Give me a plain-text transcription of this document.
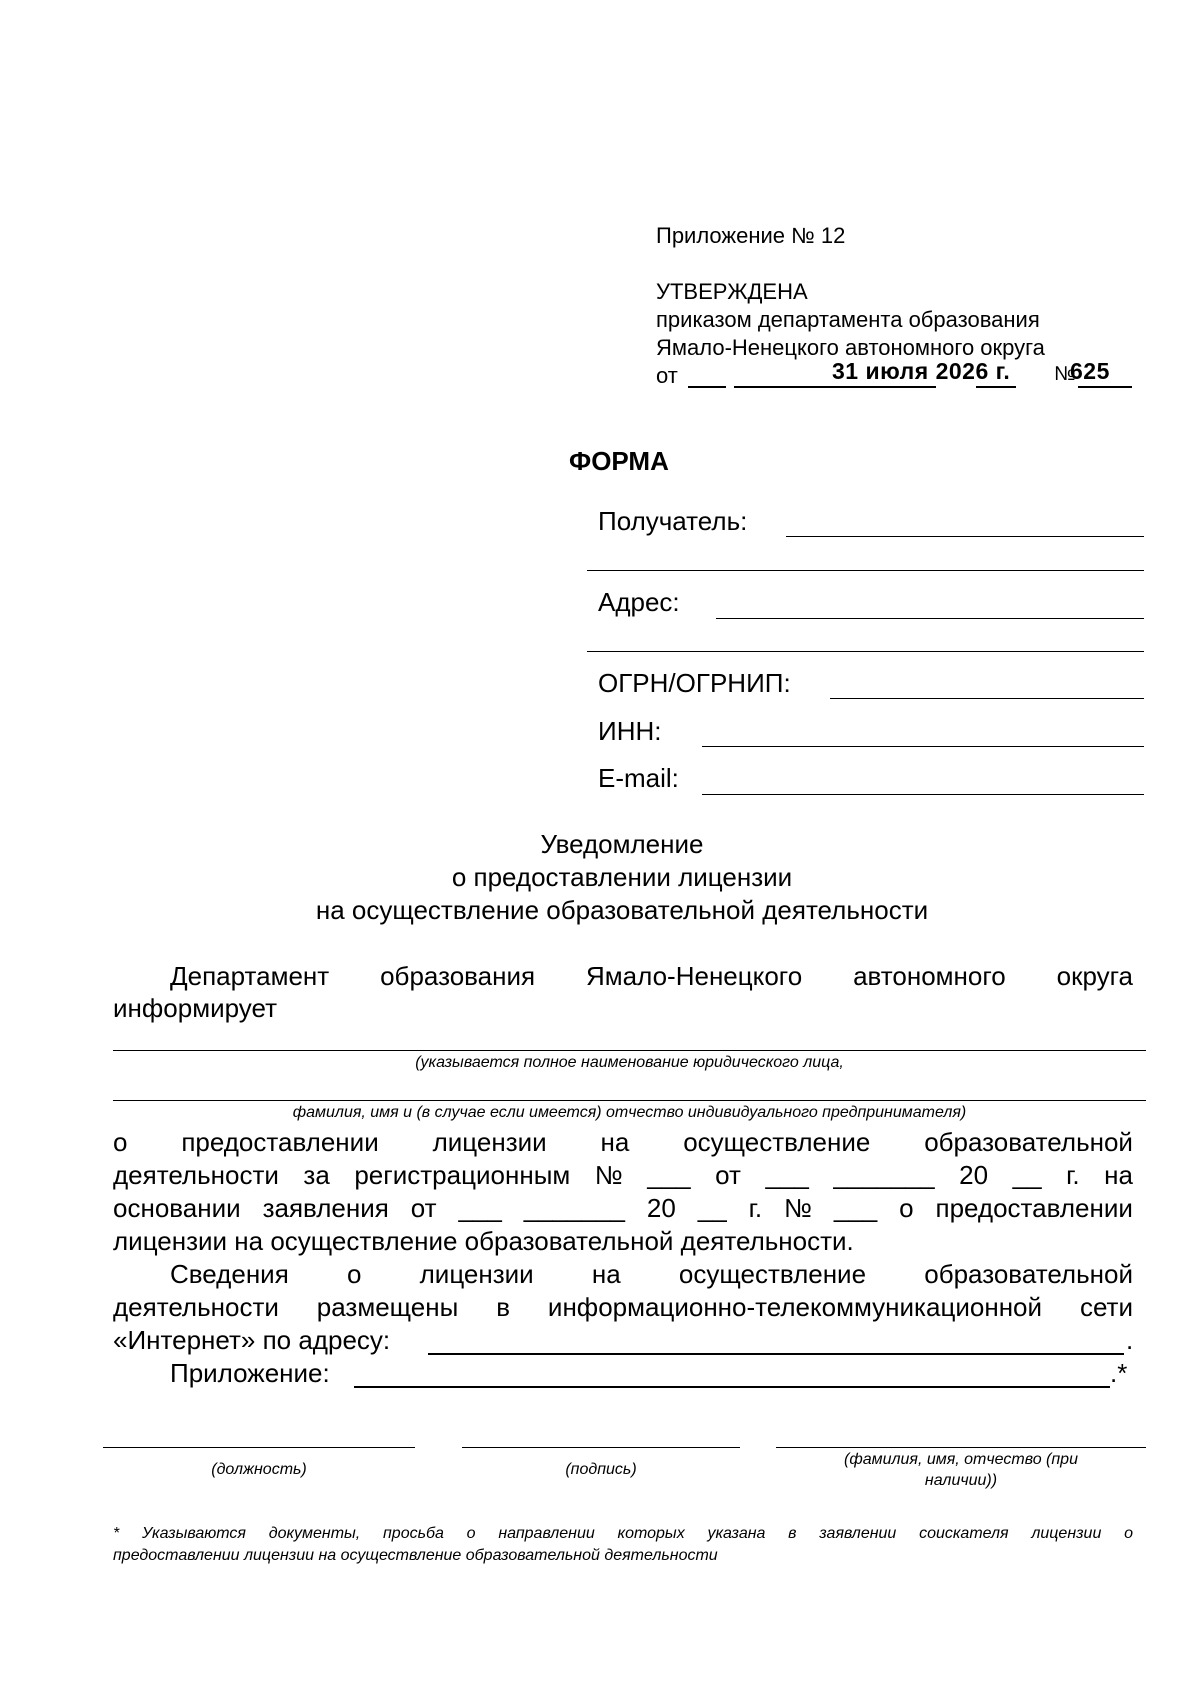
Приложение № 12
УТВЕРЖДЕНА
приказом департамента образования
Ямало-Ненецкого автономного округа
от	№
31 июля 2026 г.	625
ФОРМА
Получатель:
Адрес:
ОГРН/ОГРНИП:
ИНН:
E-mail:
Уведомление
о предоставлении лицензии
на осуществление образовательной деятельности
Департамент образования Ямало-Ненецкого автономного округа
информирует
(указывается полное наименование юридического лица,
фамилия, имя и (в случае если имеется) отчество индивидуального предпринимателя)
о предоставлении лицензии на осуществление образовательной
деятельности за регистрационным № ___ от ___ _______ 20 __ г. на
основании заявления от ___ _______ 20 __ г. № ___ о предоставлении
лицензии на осуществление образовательной деятельности.
Сведения о лицензии на осуществление образовательной
деятельности размещены в информационно-телекоммуникационной сети
«Интернет» по адресу:	.
Приложение:	.*
(должность)	(подпись)
(фамилия, имя, отчество (при
наличии))
* Указываются документы, просьба о направлении которых указана в заявлении соискателя лицензии о
предоставлении лицензии на осуществление образовательной деятельности
